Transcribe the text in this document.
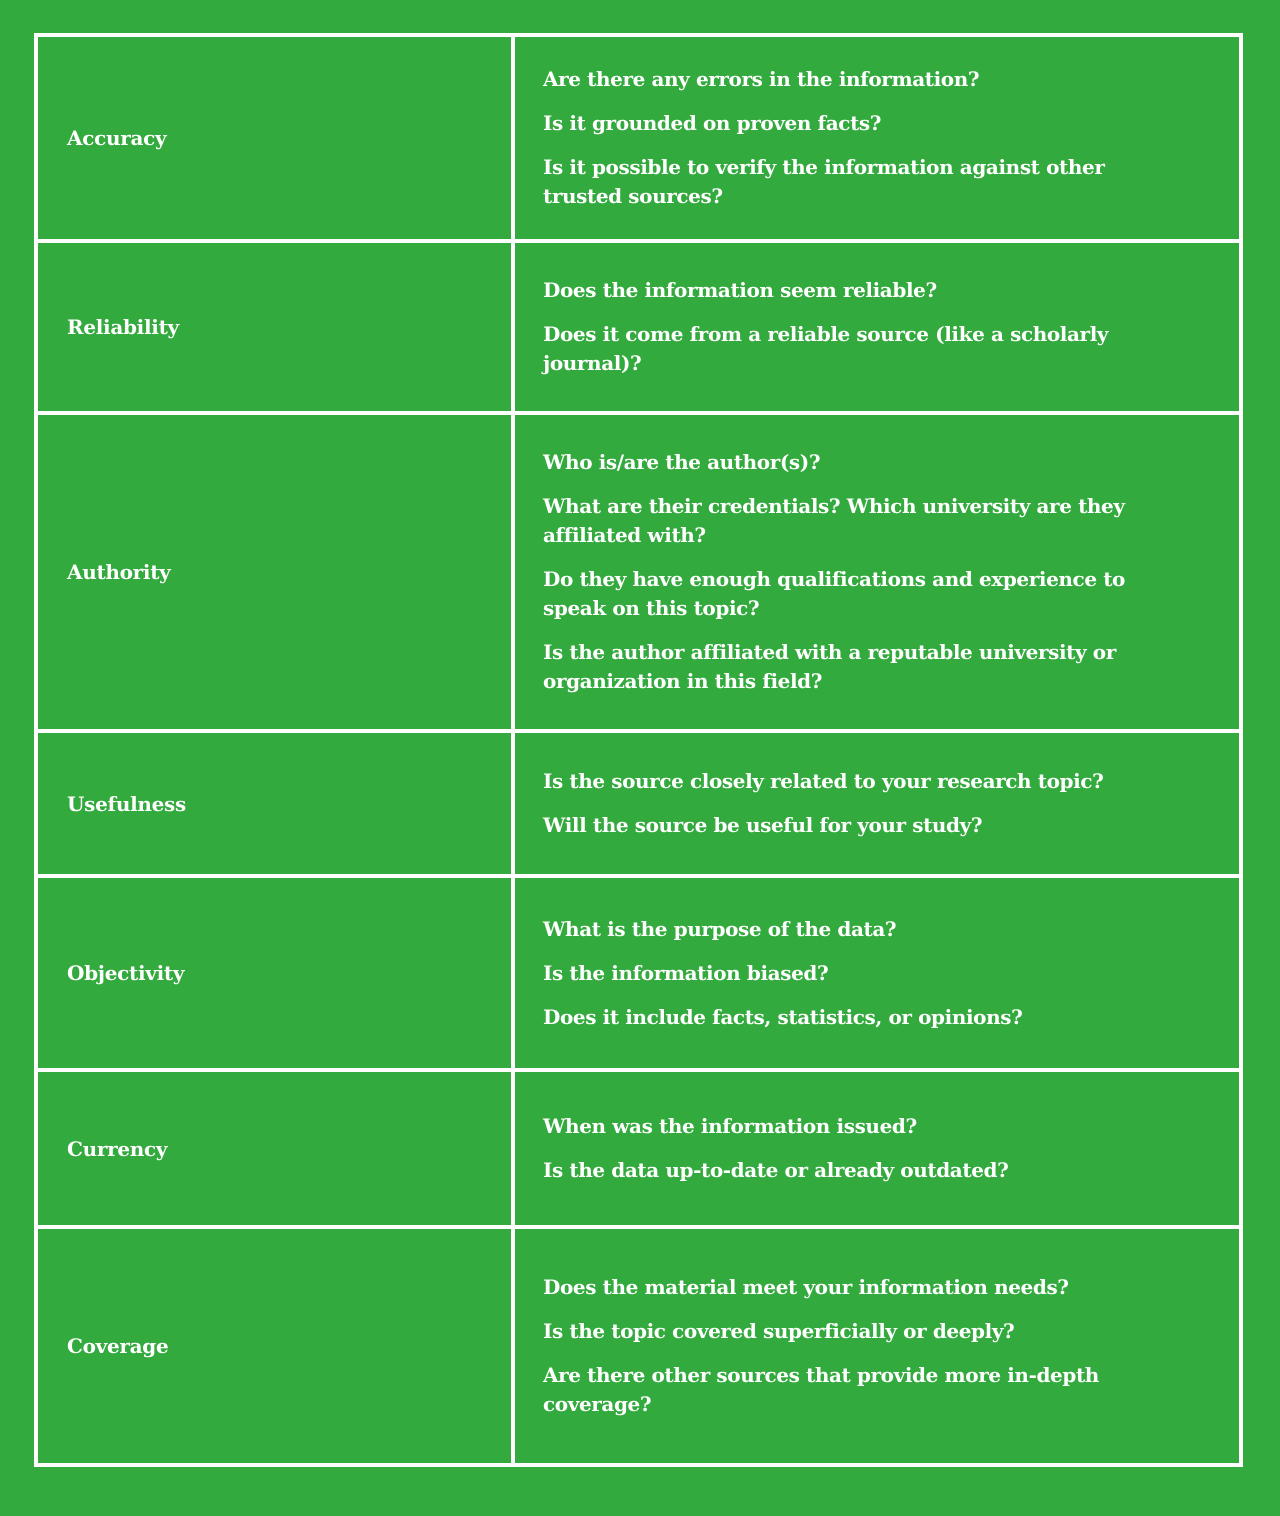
Accuracy	Are there any errors in the information?
Is it grounded on proven facts?
Is it possible to verify the information against other trusted sources?

Reliability	Does the information seem reliable?
Does it come from a reliable source (like a scholarly journal)?

Authority	Who is/are the author(s)?
What are their credentials? Which university are they affiliated with?
Do they have enough qualifications and experience to speak on this topic?
Is the author affiliated with a reputable university or organization in this field?

Usefulness	Is the source closely related to your research topic?
Will the source be useful for your study?

Objectivity	What is the purpose of the data?
Is the information biased?
Does it include facts, statistics, or opinions?

Currency	When was the information issued?
Is the data up-to-date or already outdated?

Coverage	Does the material meet your information needs?
Is the topic covered superficially or deeply?
Are there other sources that provide more in-depth coverage?
